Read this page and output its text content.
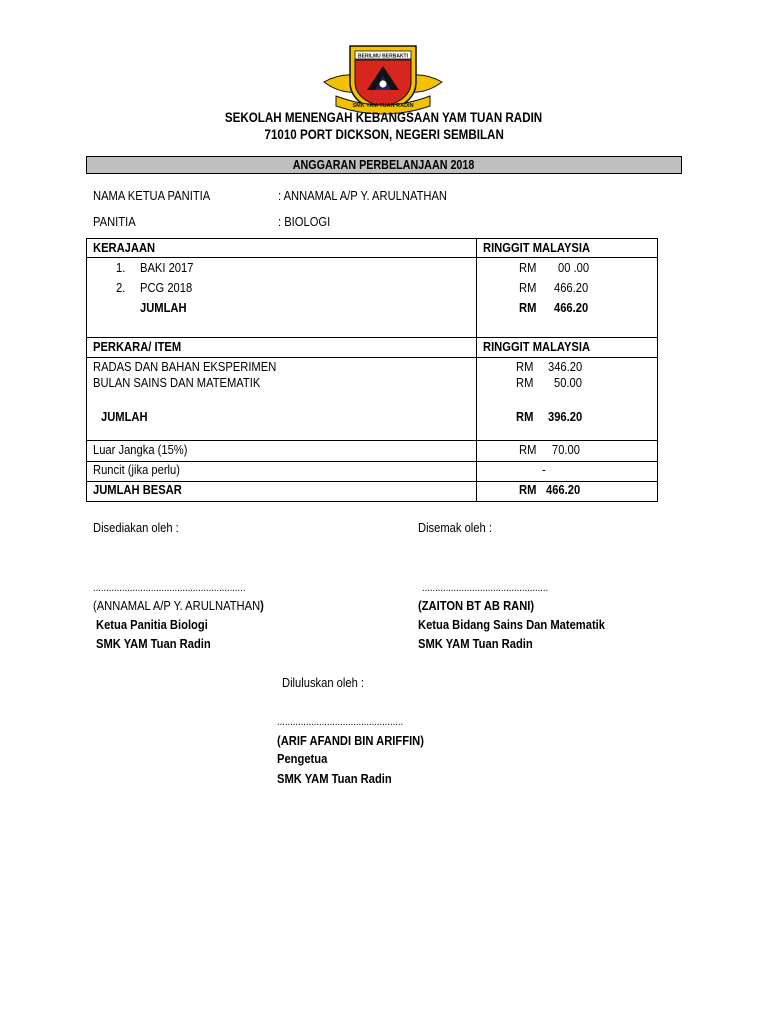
BERILMU BERBAKTI
SMK YAM TUAN RADIN
SEKOLAH MENENGAH KEBANGSAAN YAM TUAN RADIN
71010 PORT DICKSON, NEGERI SEMBILAN
ANGGARAN PERBELANJAAN 2018
NAMA KETUA PANITIA	: ANNAMAL A/P Y. ARULNATHAN
PANITIA	: BIOLOGI
KERAJAAN	RINGGIT MALAYSIA
1. BAKI 2017	RM 00 .00
2. PCG 2018	RM 466.20
JUMLAH	RM 466.20
PERKARA/ ITEM	RINGGIT MALAYSIA
RADAS DAN BAHAN EKSPERIMEN	RM 346.20
BULAN SAINS DAN MATEMATIK	RM 50.00
JUMLAH	RM 396.20
Luar Jangka (15%)	RM 70.00
Runcit (jika perlu)	-
JUMLAH BESAR	RM 466.20
Disediakan oleh :
..........................................................
(ANNAMAL A/P Y. ARULNATHAN)
Ketua Panitia Biologi
SMK YAM Tuan Radin
Disemak oleh :
................................................
(ZAITON BT AB RANI)
Ketua Bidang Sains Dan Matematik
SMK YAM Tuan Radin
Diluluskan oleh :
................................................
(ARIF AFANDI BIN ARIFFIN)
Pengetua
SMK YAM Tuan Radin
